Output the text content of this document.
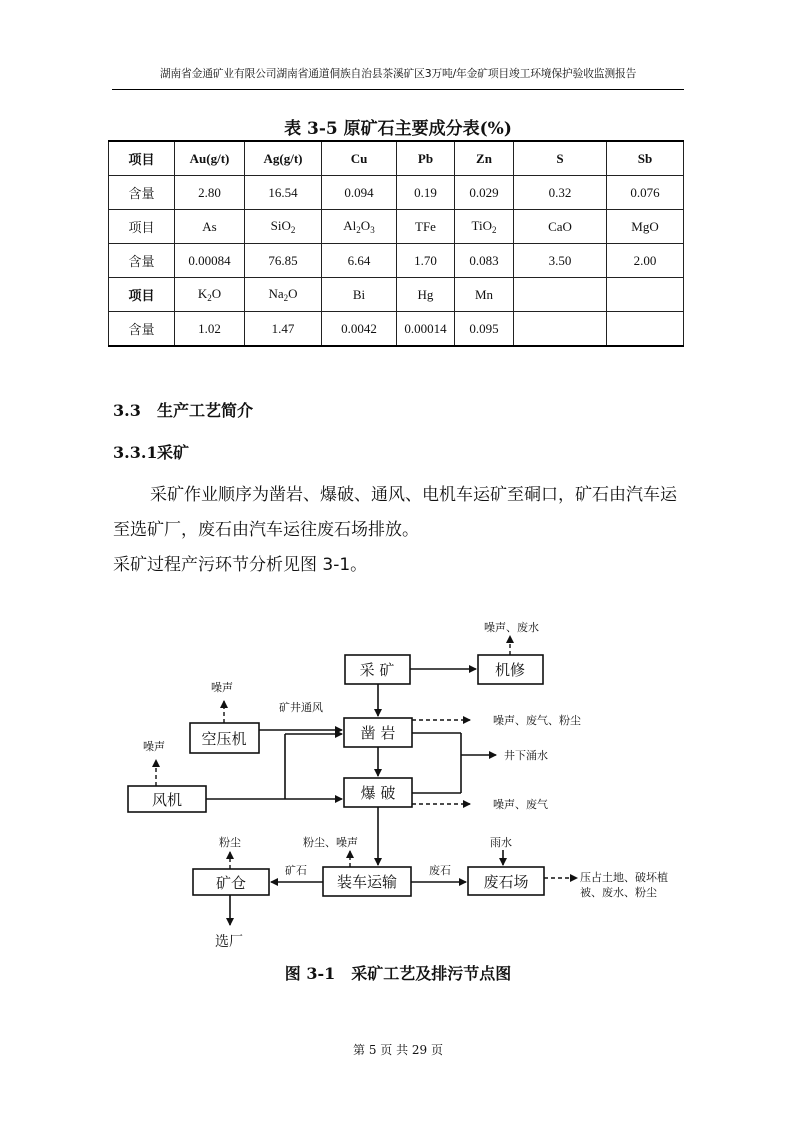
湖南省金通矿业有限公司湖南省通道侗族自治县茶溪矿区3万吨/年金矿项目竣工环境保护验收监测报告
表 3-5 原矿石主要成分表(%)
项目	Au(g/t)	Ag(g/t)	Cu	Pb	Zn	S	Sb
含量	2.80	16.54	0.094	0.19	0.029	0.32	0.076
项目	As	SiO$_2$	$Al_2O_3$	TFe	TiO$_2$	CaO	MgO
含量	0.00084	76.85	6.64	1.70	0.083	3.50	2.00
项目	$K_2O$	$Na_2O$	Bi	Hg	Mn		
含量	1.02	1.47	0.0042	0.00014	0.095		
3.3 生产工艺简介
3.3.1采矿
采矿作业顺序为凿岩、爆破、通风、电机车运矿至硐口，矿石由汽车运至选矿厂，废石由汽车运往废石场排放。
采矿过程产污环节分析见图 3-1。
采 矿	机修
空压机	凿 岩
风机	爆 破
装车运输
矿仓	废石场
噪声、废水
噪声
噪声
矿井通风
噪声、废气、粉尘
井下涌水
噪声、废气
粉尘	粉尘、噪声	雨水
矿石	废石
压占土地、破坏植
被、废水、粉尘
选厂
图 3-1　采矿工艺及排污节点图
第 5 页 共 29 页
